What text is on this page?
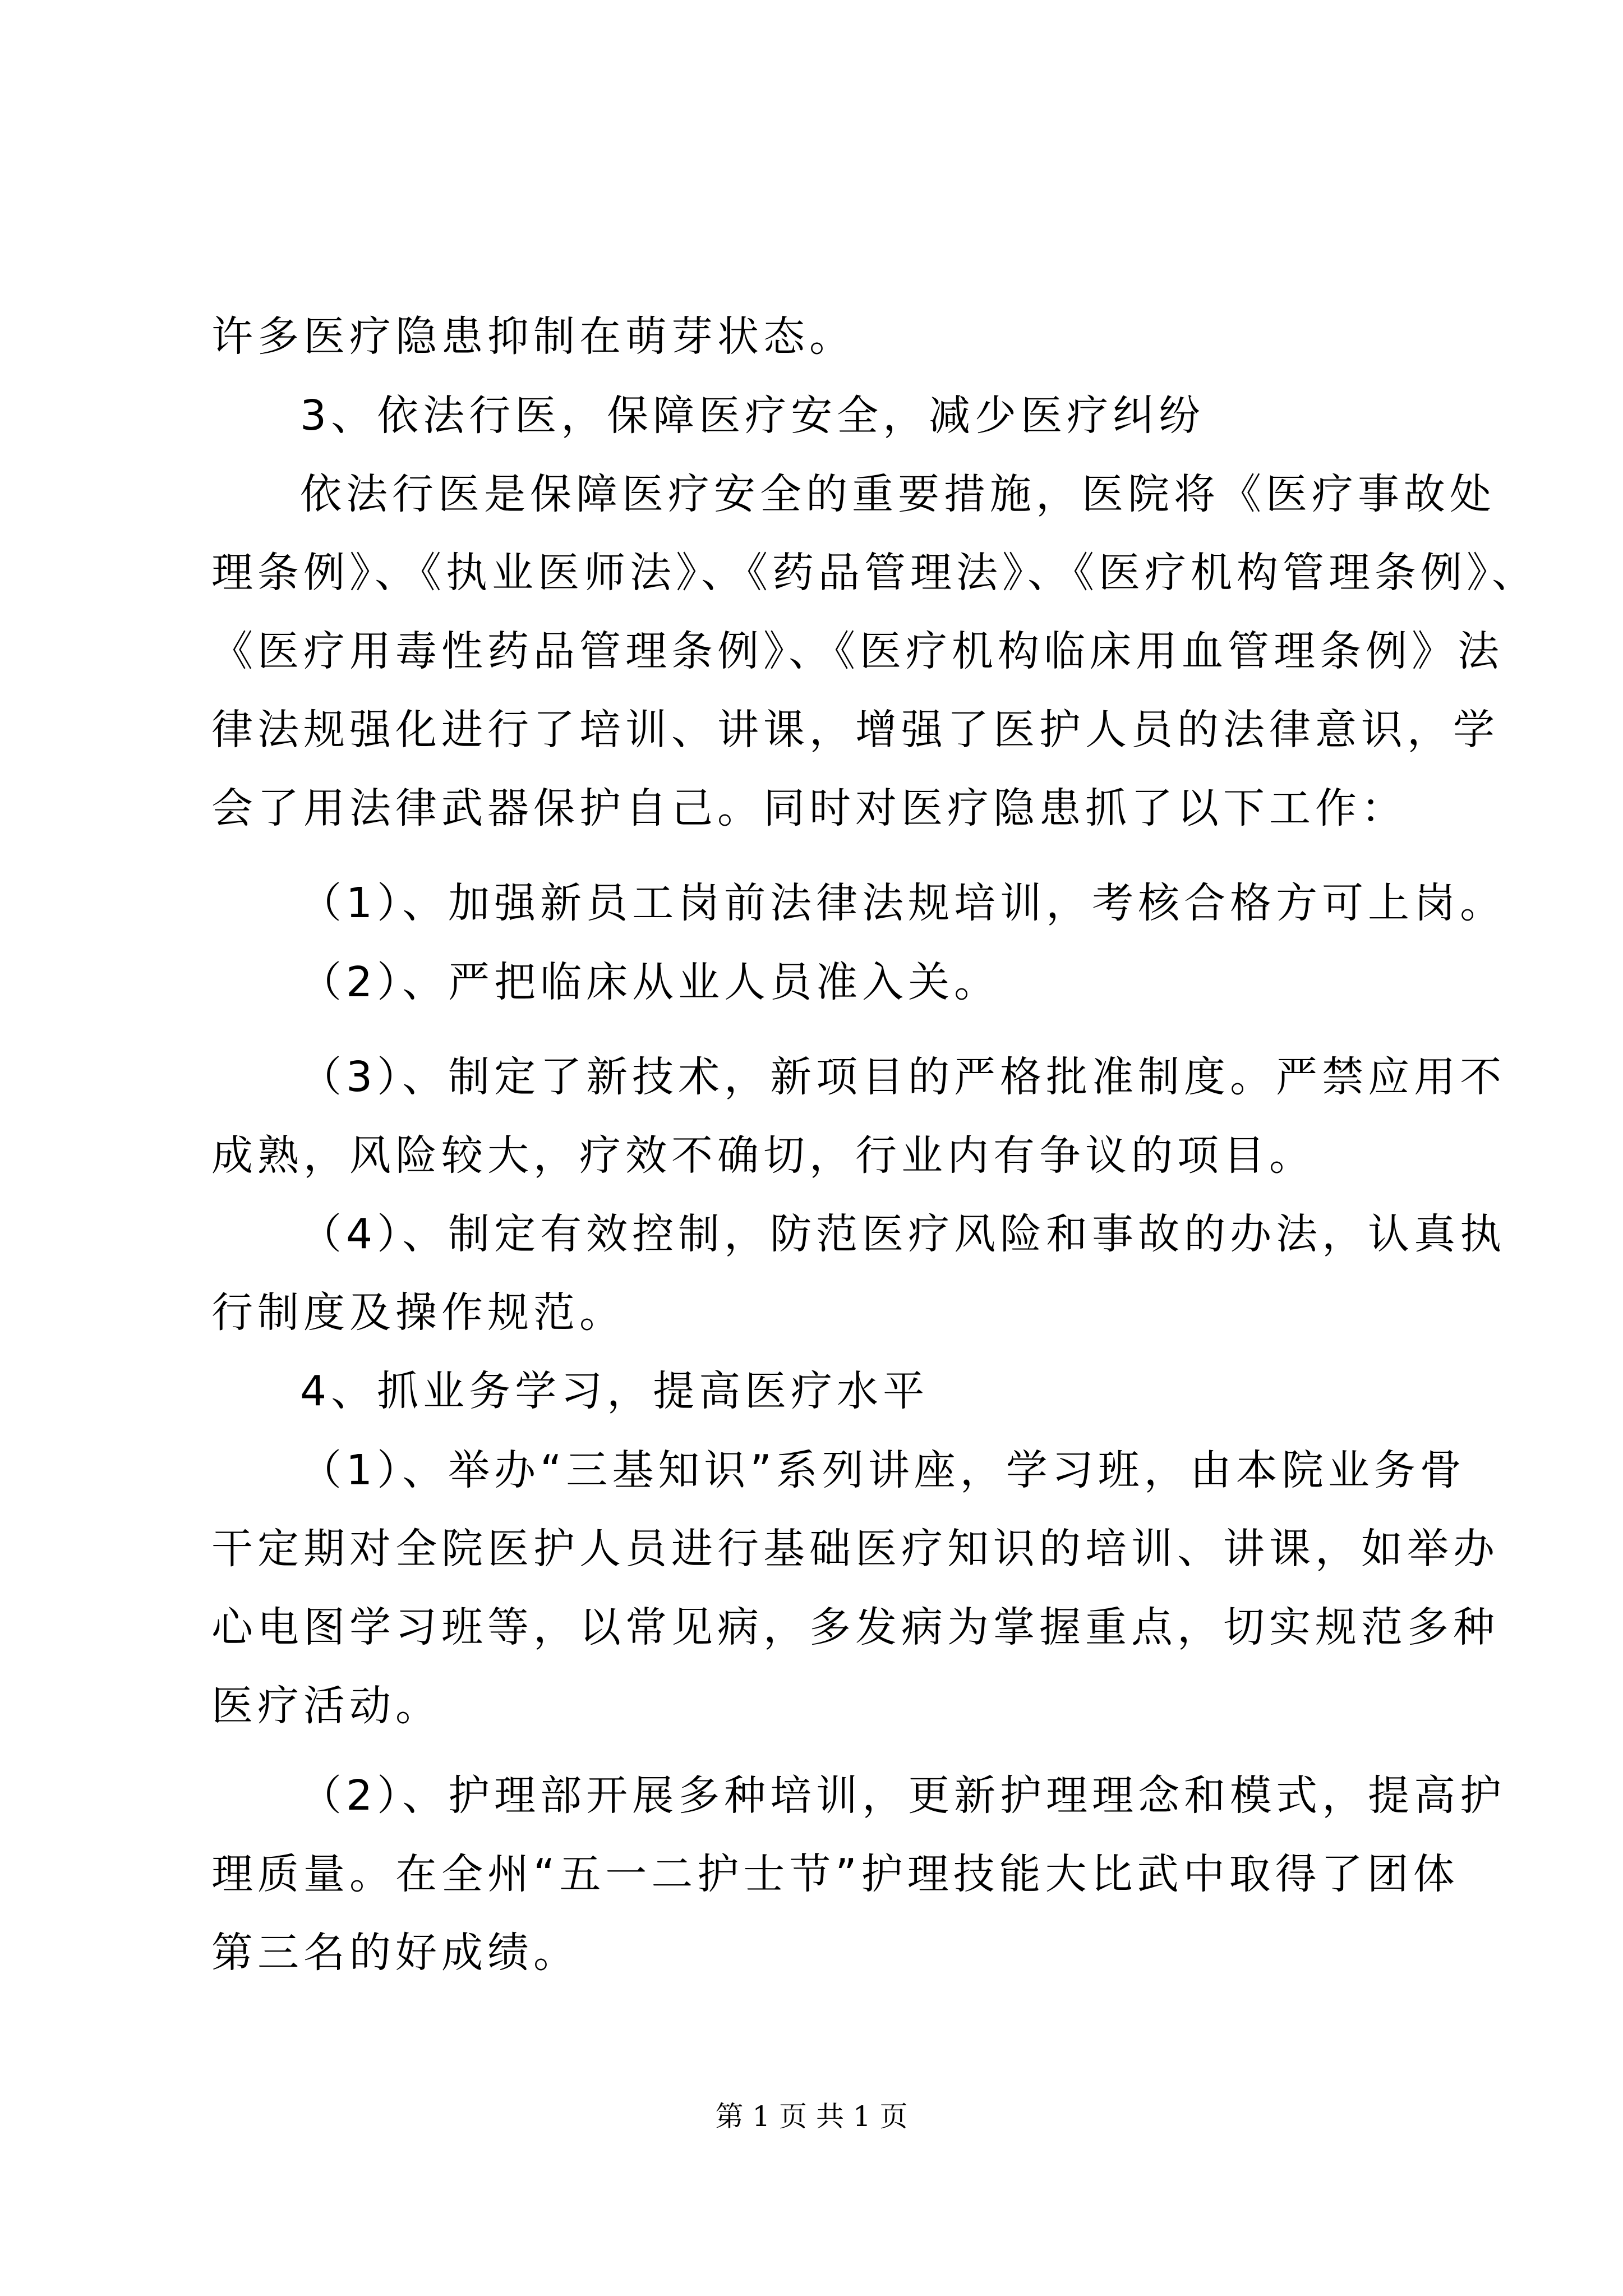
许多医疗隐患抑制在萌芽状态。
3、依法行医，保障医疗安全，减少医疗纠纷
依法行医是保障医疗安全的重要措施，医院将《医疗事故处
理条例》、《执业医师法》、《药品管理法》、《医疗机构管理条例》、
《医疗用毒性药品管理条例》、《医疗机构临床用血管理条例》法
律法规强化进行了培训、讲课，增强了医护人员的法律意识，学
会了用法律武器保护自己。同时对医疗隐患抓了以下工作：
（1）、加强新员工岗前法律法规培训，考核合格方可上岗。
（2）、严把临床从业人员准入关。
（3）、制定了新技术，新项目的严格批准制度。严禁应用不
成熟，风险较大，疗效不确切，行业内有争议的项目。
（4）、制定有效控制，防范医疗风险和事故的办法，认真执
行制度及操作规范。
4、抓业务学习，提高医疗水平
（1）、举办“三基知识”系列讲座，学习班，由本院业务骨
干定期对全院医护人员进行基础医疗知识的培训、讲课，如举办
心电图学习班等，以常见病，多发病为掌握重点，切实规范多种
医疗活动。
（2）、护理部开展多种培训，更新护理理念和模式，提高护
理质量。在全州“五一二护士节”护理技能大比武中取得了团体
第三名的好成绩。
第 1 页 共 1 页
